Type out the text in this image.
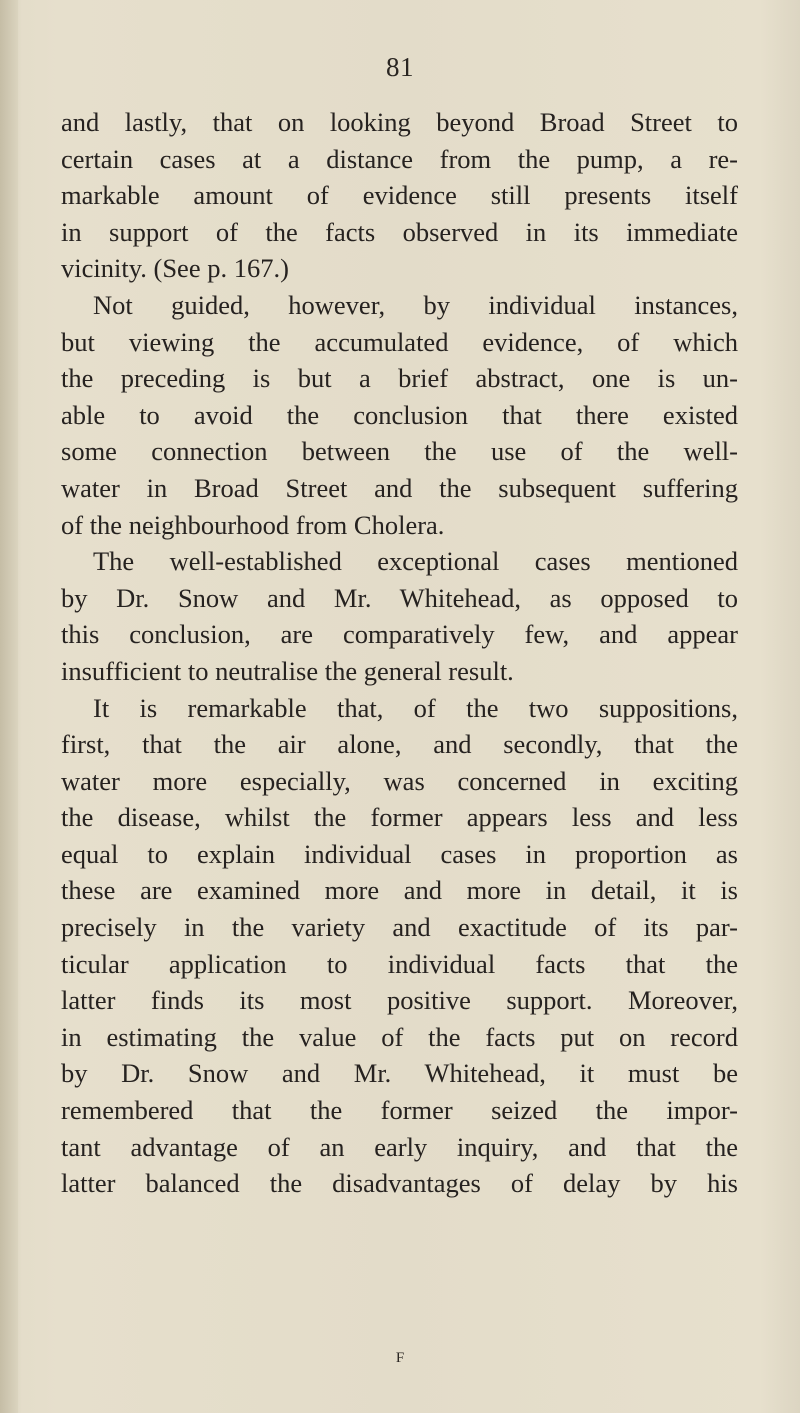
81
and lastly, that on looking beyond Broad Street to
certain cases at a distance from the pump, a re-
markable amount of evidence still presents itself
in support of the facts observed in its immediate
vicinity. (See p. 167.)
Not guided, however, by individual instances,
but viewing the accumulated evidence, of which
the preceding is but a brief abstract, one is un-
able to avoid the conclusion that there existed
some connection between the use of the well-
water in Broad Street and the subsequent suffering
of the neighbourhood from Cholera.
The well-established exceptional cases mentioned
by Dr. Snow and Mr. Whitehead, as opposed to
this conclusion, are comparatively few, and appear
insufficient to neutralise the general result.
It is remarkable that, of the two suppositions,
first, that the air alone, and secondly, that the
water more especially, was concerned in exciting
the disease, whilst the former appears less and less
equal to explain individual cases in proportion as
these are examined more and more in detail, it is
precisely in the variety and exactitude of its par-
ticular application to individual facts that the
latter finds its most positive support. Moreover,
in estimating the value of the facts put on record
by Dr. Snow and Mr. Whitehead, it must be
remembered that the former seized the impor-
tant advantage of an early inquiry, and that the
latter balanced the disadvantages of delay by his
F
